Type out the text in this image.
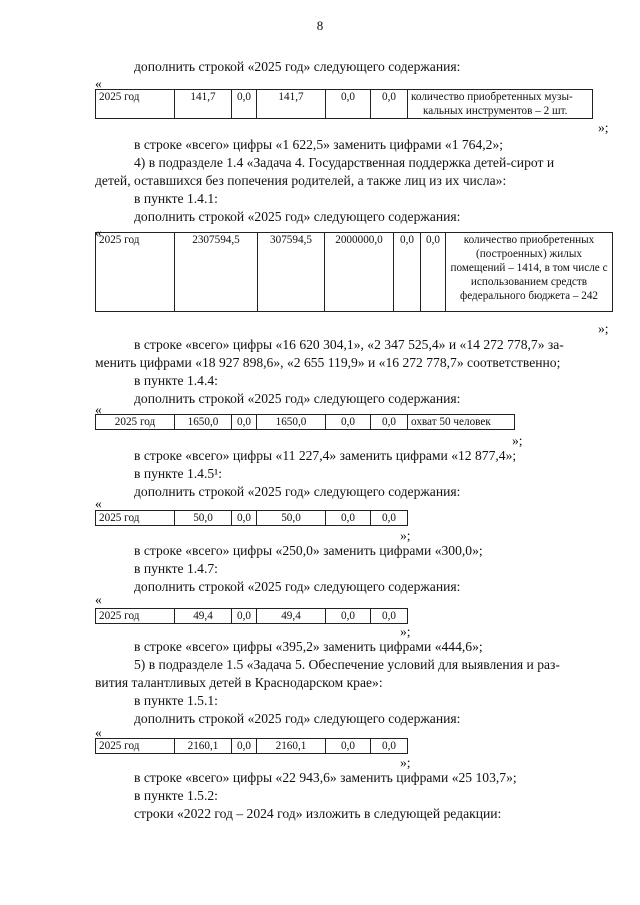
8
дополнить строкой «2025 год» следующего содержания:
«
2025 год	141,7	0,0	141,7	0,0	0,0	количество приобретенных музы-
кальных инструментов – 2 шт.
»;
в строке «всего» цифры «1 622,5» заменить цифрами «1 764,2»;
4) в подразделе 1.4 «Задача 4. Государственная поддержка детей-сирот и
детей, оставшихся без попечения родителей, а также лиц из их числа»:
в пункте 1.4.1:
дополнить строкой «2025 год» следующего содержания:
«
2025 год	2307594,5	307594,5	2000000,0	0,0	0,0	количество приобретенных (построенных) жилых помещений – 1414, в том числе с использованием средств федерального бюджета – 242
»;
в строке «всего» цифры «16 620 304,1», «2 347 525,4» и «14 272 778,7» за-
менить цифрами «18 927 898,6», «2 655 119,9» и «16 272 778,7» соответственно;
в пункте 1.4.4:
дополнить строкой «2025 год» следующего содержания:
«
2025 год	1650,0	0,0	1650,0	0,0	0,0	охват 50 человек
»;
в строке «всего» цифры «11 227,4» заменить цифрами «12 877,4»;
в пункте 1.4.5¹:
дополнить строкой «2025 год» следующего содержания:
«
2025 год	50,0	0,0	50,0	0,0	0,0
»;
в строке «всего» цифры «250,0» заменить цифрами «300,0»;
в пункте 1.4.7:
дополнить строкой «2025 год» следующего содержания:
«
2025 год	49,4	0,0	49,4	0,0	0,0
»;
в строке «всего» цифры «395,2» заменить цифрами «444,6»;
5) в подразделе 1.5 «Задача 5. Обеспечение условий для выявления и раз-
вития талантливых детей в Краснодарском крае»:
в пункте 1.5.1:
дополнить строкой «2025 год» следующего содержания:
«
2025 год	2160,1	0,0	2160,1	0,0	0,0
»;
в строке «всего» цифры «22 943,6» заменить цифрами «25 103,7»;
в пункте 1.5.2:
строки «2022 год – 2024 год» изложить в следующей редакции:
